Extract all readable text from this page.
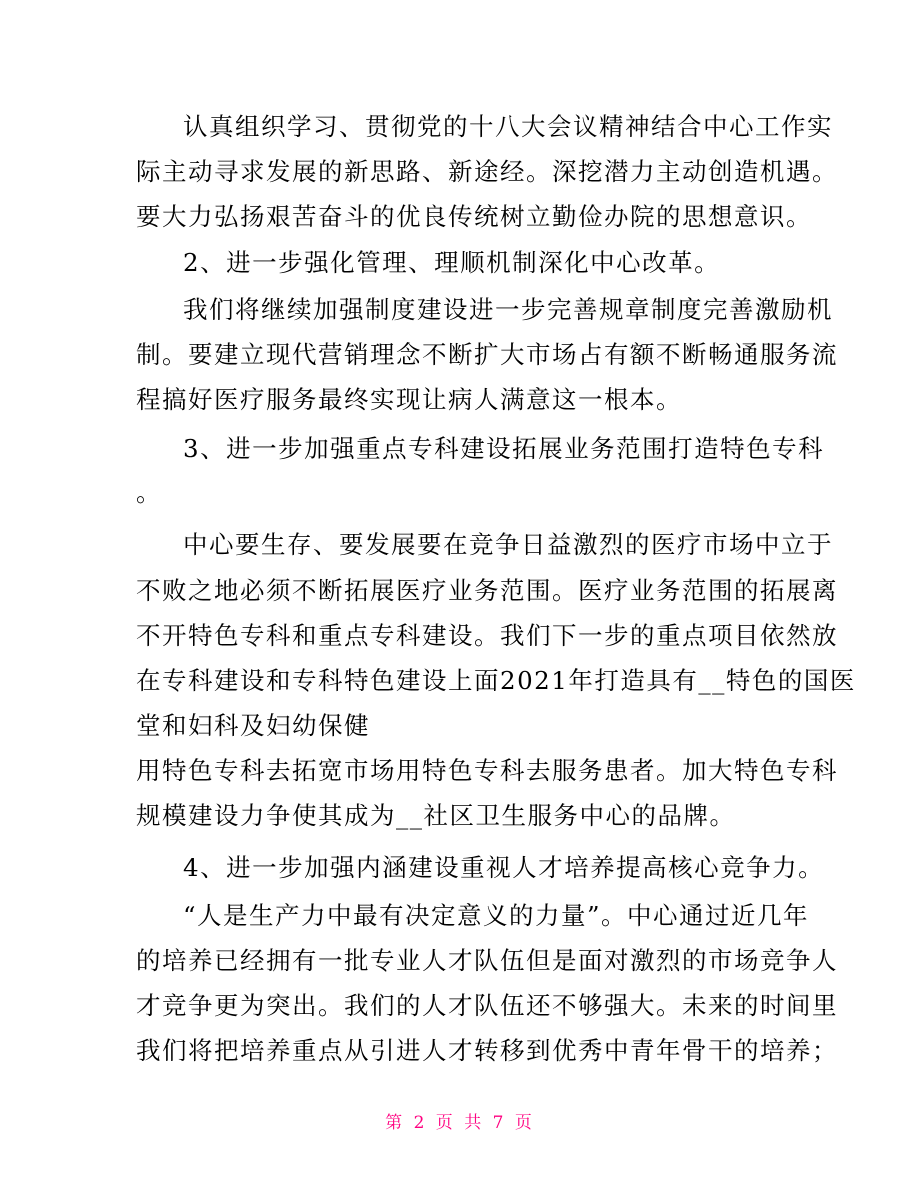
认真组织学习、贯彻党的十八大会议精神结合中心工作实
际主动寻求发展的新思路、新途经。深挖潜力主动创造机遇。
要大力弘扬艰苦奋斗的优良传统树立勤俭办院的思想意识。
2、进一步强化管理、理顺机制深化中心改革。
我们将继续加强制度建设进一步完善规章制度完善激励机
制。要建立现代营销理念不断扩大市场占有额不断畅通服务流
程搞好医疗服务最终实现让病人满意这一根本。
3、进一步加强重点专科建设拓展业务范围打造特色专科
。
中心要生存、要发展要在竞争日益激烈的医疗市场中立于
不败之地必须不断拓展医疗业务范围。医疗业务范围的拓展离
不开特色专科和重点专科建设。我们下一步的重点项目依然放
在专科建设和专科特色建设上面2021年打造具有__特色的国医
堂和妇科及妇幼保健
用特色专科去拓宽市场用特色专科去服务患者。加大特色专科
规模建设力争使其成为__社区卫生服务中心的品牌。
4、进一步加强内涵建设重视人才培养提高核心竞争力。
“人是生产力中最有决定意义的力量”。中心通过近几年
的培养已经拥有一批专业人才队伍但是面对激烈的市场竞争人
才竞争更为突出。我们的人才队伍还不够强大。未来的时间里
我们将把培养重点从引进人才转移到优秀中青年骨干的培养；
第 2 页 共 7 页
